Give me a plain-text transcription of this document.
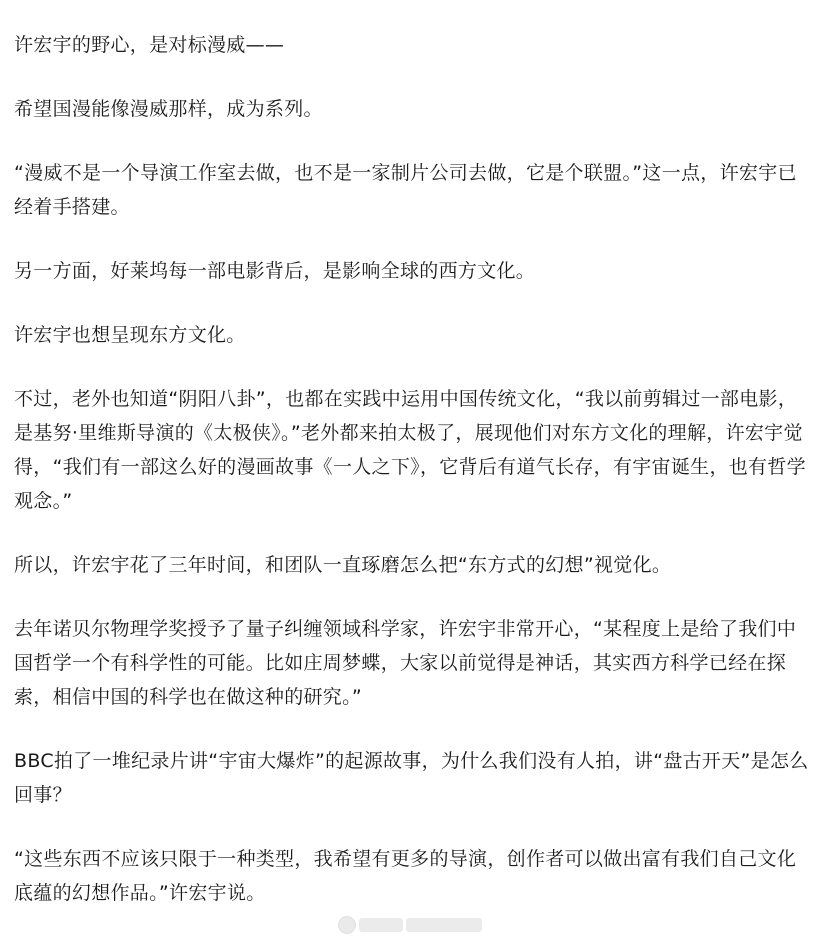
许宏宇的野心，是对标漫威——

希望国漫能像漫威那样，成为系列。

“漫威不是一个导演工作室去做，也不是一家制片公司去做，它是个联盟。”这一点，许宏宇已经着手搭建。

另一方面，好莱坞每一部电影背后，是影响全球的西方文化。

许宏宇也想呈现东方文化。

不过，老外也知道“阴阳八卦”，也都在实践中运用中国传统文化，“我以前剪辑过一部电影，是基努·里维斯导演的《太极侠》。”老外都来拍太极了，展现他们对东方文化的理解，许宏宇觉得，“我们有一部这么好的漫画故事《一人之下》，它背后有道气长存，有宇宙诞生，也有哲学观念。”

所以，许宏宇花了三年时间，和团队一直琢磨怎么把“东方式的幻想”视觉化。

去年诺贝尔物理学奖授予了量子纠缠领域科学家，许宏宇非常开心，“某程度上是给了我们中国哲学一个有科学性的可能。比如庄周梦蝶，大家以前觉得是神话，其实西方科学已经在探索，相信中国的科学也在做这种的研究。”

BBC拍了一堆纪录片讲“宇宙大爆炸”的起源故事，为什么我们没有人拍，讲“盘古开天”是怎么回事？

“这些东西不应该只限于一种类型，我希望有更多的导演，创作者可以做出富有我们自己文化底蕴的幻想作品。”许宏宇说。
